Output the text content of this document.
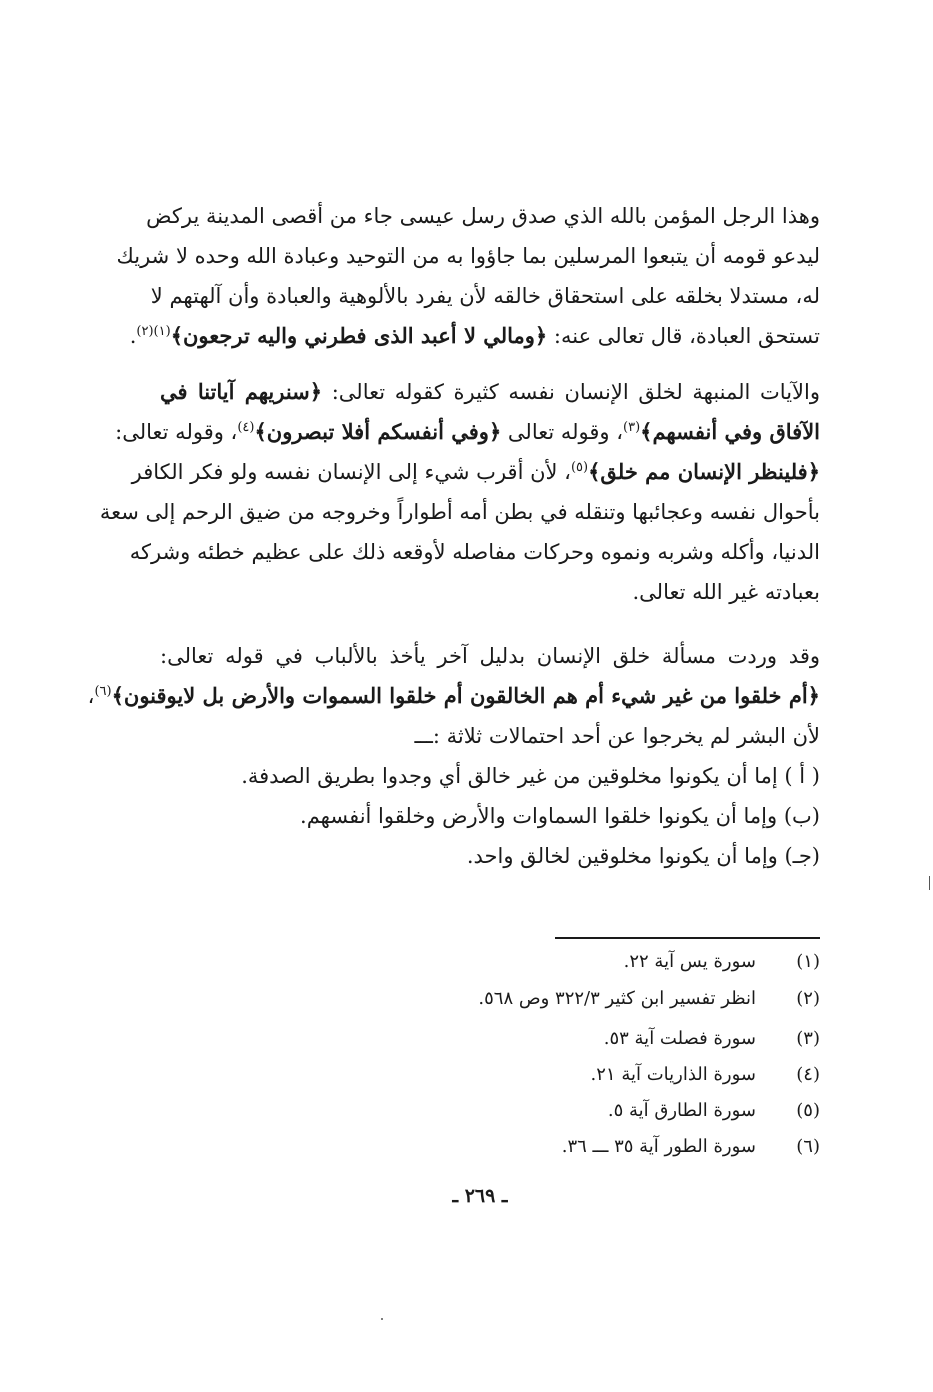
وهذا الرجل المؤمن بالله الذي صدق رسل عيسى جاء من أقصى المدينة يركض
ليدعو قومه أن يتبعوا المرسلين بما جاؤوا به من التوحيد وعبادة الله وحده لا شريك
له، مستدلا بخلقه على استحقاق خالقه لأن يفرد بالألوهية والعبادة وأن آلهتهم لا
تستحق العبادة، قال تعالى عنه: ﴿ومالي لا أعبد الذى فطرني واليه ترجعون﴾$^{(١)(٢)}$.
والآيات المنبهة لخلق الإنسان نفسه كثيرة كقوله تعالى: ﴿سنريهم آياتنا في
الآفاق وفي أنفسهم﴾$^{(٣)}$، وقوله تعالى ﴿وفي أنفسكم أفلا تبصرون﴾$^{(٤)}$، وقوله تعالى:
﴿فلينظر الإنسان مم خلق﴾$^{(٥)}$، لأن أقرب شيء إلى الإنسان نفسه ولو فكر الكافر
بأحوال نفسه وعجائبها وتنقله في بطن أمه أطواراً وخروجه من ضيق الرحم إلى سعة
الدنيا، وأكله وشربه ونموه وحركات مفاصله لأوقعه ذلك على عظيم خطئه وشركه
بعبادته غير الله تعالى.
وقد وردت مسألة خلق الإنسان بدليل آخر يأخذ بالألباب في قوله تعالى:
﴿أم خلقوا من غير شيء أم هم الخالقون أم خلقوا السموات والأرض بل لايوقنون﴾$^{(٦)}$،
لأن البشر لم يخرجوا عن أحد احتمالات ثلاثة :ـــ
( أ ) إما أن يكونوا مخلوقين من غير خالق أي وجدوا بطريق الصدفة.
(ب) وإما أن يكونوا خلقوا السماوات والأرض وخلقوا أنفسهم.
(جـ) وإما أن يكونوا مخلوقين لخالق واحد.
(١)سورة يس آية ٢٢.
(٢)انظر تفسير ابن كثير ٣٢٢/٣ وص ٥٦٨.
(٣)سورة فصلت آية ٥٣.
(٤)سورة الذاريات آية ٢١.
(٥)سورة الطارق آية ٥.
(٦)سورة الطور آية ٣٥ ـــ ٣٦.
ـ ٢٦٩ ـ
